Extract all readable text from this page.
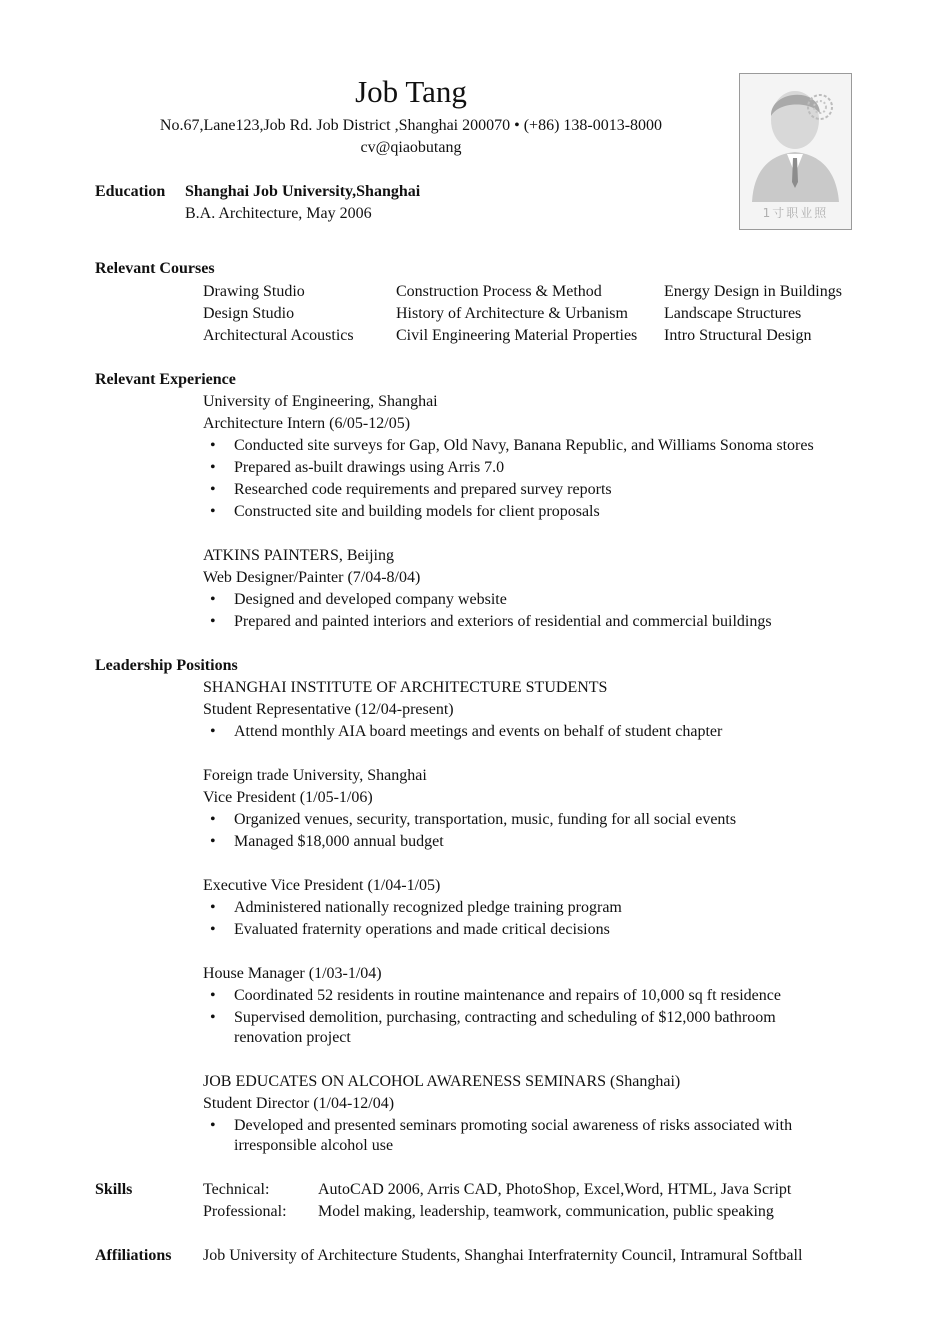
Job Tang
No.67,Lane123,Job Rd. Job District ,Shanghai 200070 • (+86) 138-0013-8000
cv@qiaobutang
1寸职业照
Education Shanghai Job University,Shanghai
B.A. Architecture, May 2006
Relevant Courses
Drawing Studio
Design Studio
Architectural Acoustics
Construction Process & Method
History of Architecture & Urbanism
Civil Engineering Material Properties
Energy Design in Buildings
Landscape Structures
Intro Structural Design
Relevant Experience
University of Engineering, Shanghai
Architecture Intern (6/05-12/05)
• Conducted site surveys for Gap, Old Navy, Banana Republic, and Williams Sonoma stores
• Prepared as-built drawings using Arris 7.0
• Researched code requirements and prepared survey reports
• Constructed site and building models for client proposals
ATKINS PAINTERS, Beijing
Web Designer/Painter (7/04-8/04)
• Designed and developed company website
• Prepared and painted interiors and exteriors of residential and commercial buildings
Leadership Positions
SHANGHAI INSTITUTE OF ARCHITECTURE STUDENTS
Student Representative (12/04-present)
• Attend monthly AIA board meetings and events on behalf of student chapter
Foreign trade University, Shanghai
Vice President (1/05-1/06)
• Organized venues, security, transportation, music, funding for all social events
• Managed $18,000 annual budget
Executive Vice President (1/04-1/05)
• Administered nationally recognized pledge training program
• Evaluated fraternity operations and made critical decisions
House Manager (1/03-1/04)
• Coordinated 52 residents in routine maintenance and repairs of 10,000 sq ft residence
• Supervised demolition, purchasing, contracting and scheduling of $12,000 bathroom
renovation project
JOB EDUCATES ON ALCOHOL AWARENESS SEMINARS (Shanghai)
Student Director (1/04-12/04)
• Developed and presented seminars promoting social awareness of risks associated with
irresponsible alcohol use
Skills	Technical:	AutoCAD 2006, Arris CAD, PhotoShop, Excel,Word, HTML, Java Script
Professional: Model making, leadership, teamwork, communication, public speaking
Affiliations Job University of Architecture Students, Shanghai Interfraternity Council, Intramural Softball
